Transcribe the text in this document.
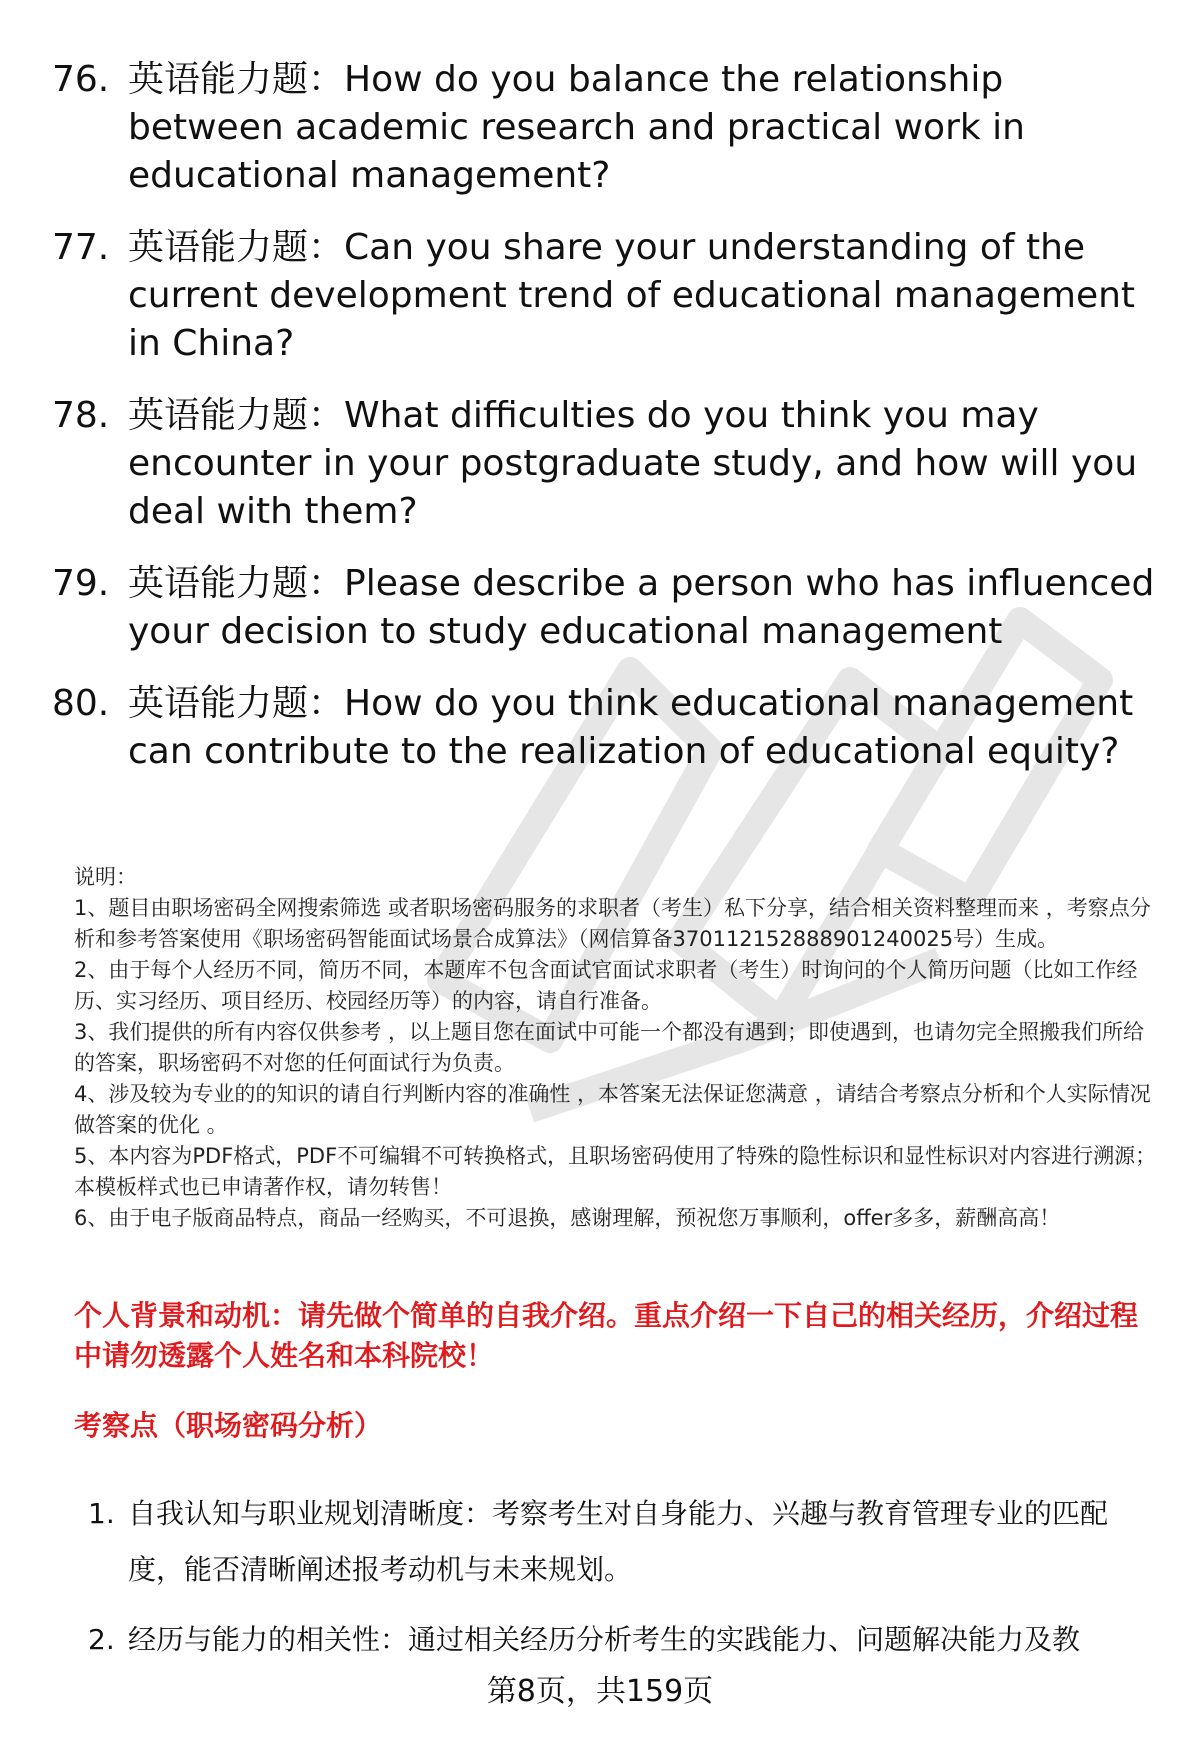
76. 英语能力题：How do you balance the relationship between academic research and practical work in educational management?
77. 英语能力题：Can you share your understanding of the current development trend of educational management in China?
78. 英语能力题：What difficulties do you think you may encounter in your postgraduate study, and how will you deal with them?
79. 英语能力题：Please describe a person who has influenced your decision to study educational management
80. 英语能力题：How do you think educational management can contribute to the realization of educational equity?

说明：

1、题目由职场密码全网搜索筛选 或者职场密码服务的求职者（考生）私下分享，结合相关资料整理而来 ，考察点分析和参考答案使用《职场密码智能面试场景合成算法》（网信算备370112152888901240025号）生成。

2、由于每个人经历不同，简历不同，本题库不包含面试官面试求职者（考生）时询问的个人简历问题（比如工作经历、实习经历、项目经历、校园经历等）的内容，请自行准备。

3、我们提供的所有内容仅供参考 ，以上题目您在面试中可能一个都没有遇到；即使遇到，也请勿完全照搬我们所给的答案，职场密码不对您的任何面试行为负责。

4、涉及较为专业的的知识的请自行判断内容的准确性 ，本答案无法保证您满意 ，请结合考察点分析和个人实际情况做答案的优化 。

5、本内容为PDF格式，PDF不可编辑不可转换格式，且职场密码使用了特殊的隐性标识和显性标识对内容进行溯源；本模板样式也已申请著作权，请勿转售！

6、由于电子版商品特点，商品一经购买，不可退换，感谢理解，预祝您万事顺利，offer多多，薪酬高高！

个人背景和动机：请先做个简单的自我介绍。重点介绍一下自己的相关经历，介绍过程中请勿透露个人姓名和本科院校！
考察点（职场密码分析）
1. 自我认知与职业规划清晰度：考察考生对自身能力、兴趣与教育管理专业的匹配度，能否清晰阐述报考动机与未来规划。
2. 经历与能力的相关性：通过相关经历分析考生的实践能力、问题解决能力及教
第8页，共159页
